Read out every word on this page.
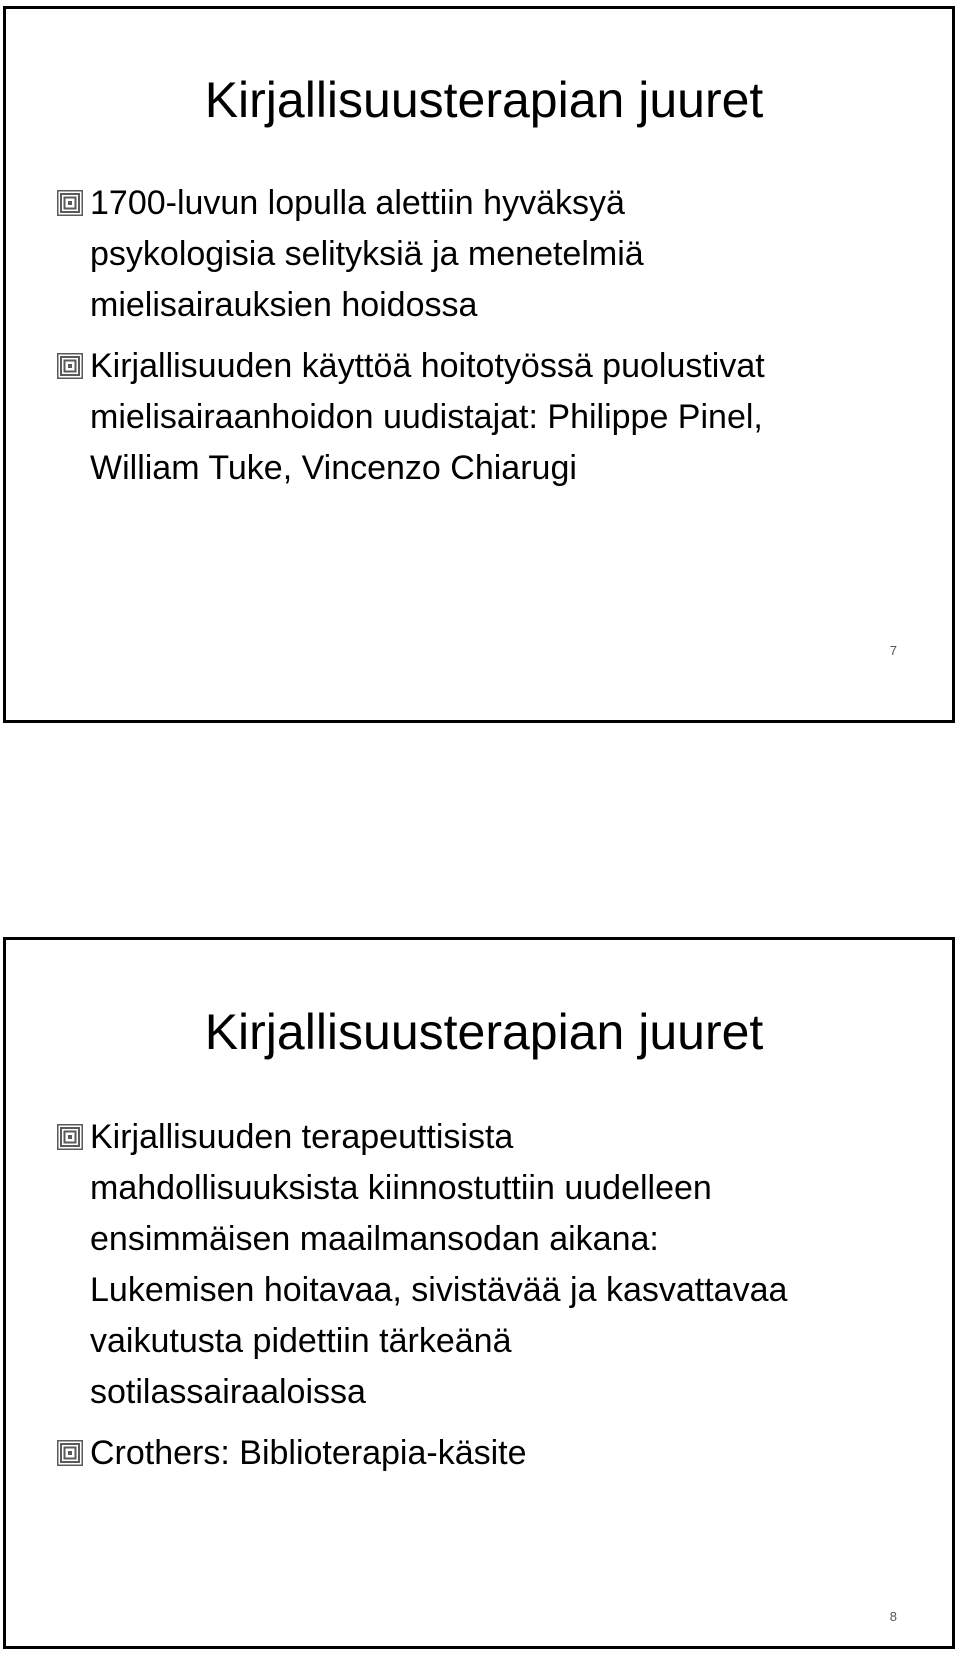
Kirjallisuusterapian juuret
7
1700-luvun lopulla alettiin hyväksyä
psykologisia selityksiä ja menetelmiä
mielisairauksien hoidossa
Kirjallisuuden käyttöä hoitotyössä puolustivat
mielisairaanhoidon uudistajat: Philippe Pinel,
William Tuke, Vincenzo Chiarugi
Kirjallisuusterapian juuret
8
Kirjallisuuden terapeuttisista
mahdollisuuksista kiinnostuttiin uudelleen
ensimmäisen maailmansodan aikana:
Lukemisen hoitavaa, sivistävää ja kasvattavaa
vaikutusta pidettiin tärkeänä
sotilassairaaloissa
Crothers: Biblioterapia-käsite
